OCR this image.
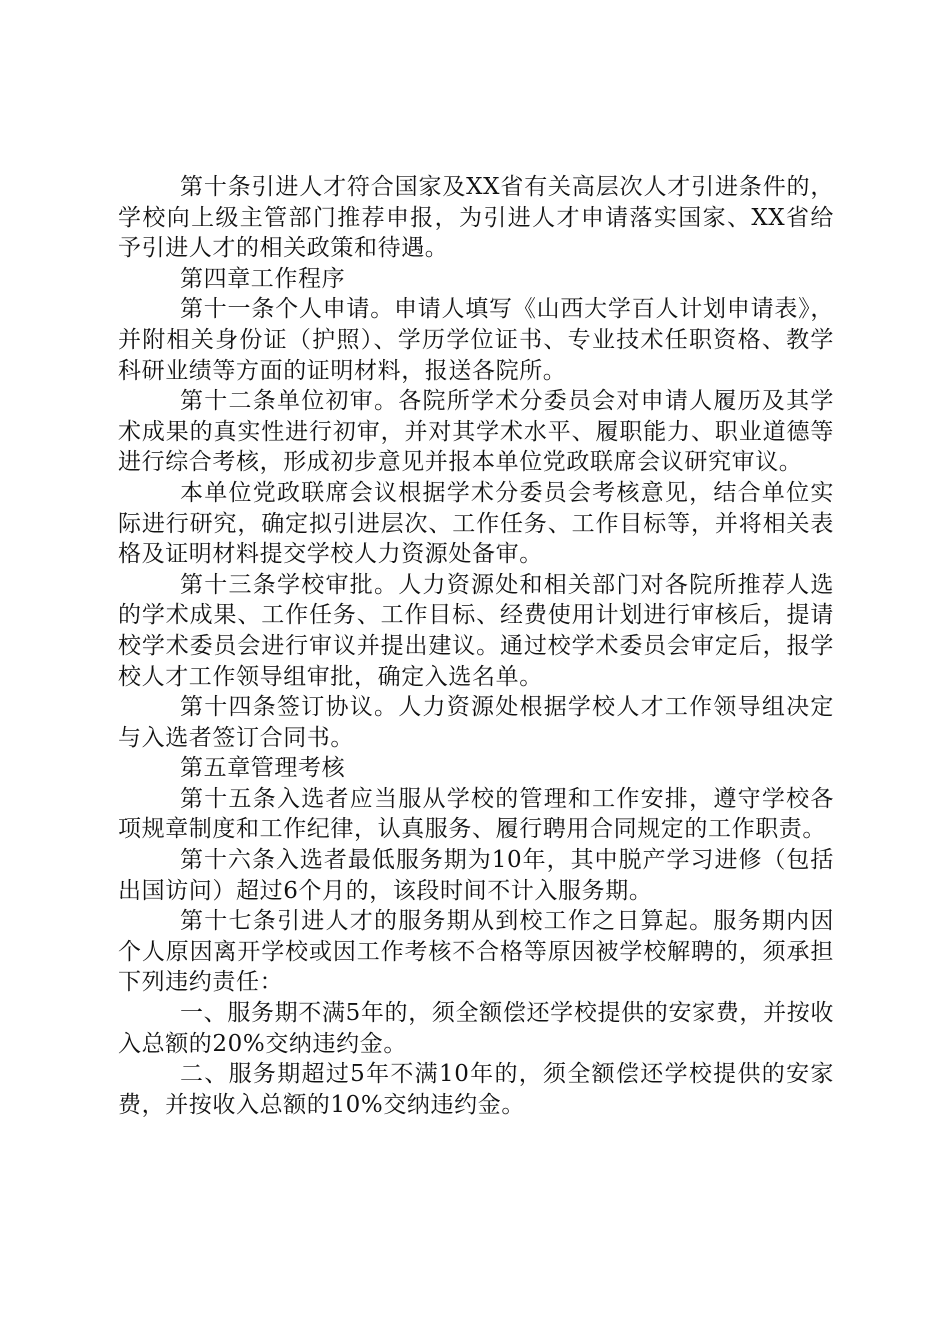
第十条引进人才符合国家及XX省有关高层次人才引进条件的，学校向上级主管部门推荐申报，为引进人才申请落实国家、XX省给予引进人才的相关政策和待遇。

第四章工作程序

第十一条个人申请。申请人填写《山西大学百人计划申请表》，并附相关身份证（护照）、学历学位证书、专业技术任职资格、教学科研业绩等方面的证明材料，报送各院所。

第十二条单位初审。各院所学术分委员会对申请人履历及其学术成果的真实性进行初审，并对其学术水平、履职能力、职业道德等进行综合考核，形成初步意见并报本单位党政联席会议研究审议。

本单位党政联席会议根据学术分委员会考核意见，结合单位实际进行研究，确定拟引进层次、工作任务、工作目标等，并将相关表格及证明材料提交学校人力资源处备审。

第十三条学校审批。人力资源处和相关部门对各院所推荐人选的学术成果、工作任务、工作目标、经费使用计划进行审核后，提请校学术委员会进行审议并提出建议。通过校学术委员会审定后，报学校人才工作领导组审批，确定入选名单。

第十四条签订协议。人力资源处根据学校人才工作领导组决定与入选者签订合同书。

第五章管理考核

第十五条入选者应当服从学校的管理和工作安排，遵守学校各项规章制度和工作纪律，认真服务、履行聘用合同规定的工作职责。

第十六条入选者最低服务期为10年，其中脱产学习进修（包括出国访问）超过6个月的，该段时间不计入服务期。

第十七条引进人才的服务期从到校工作之日算起。服务期内因个人原因离开学校或因工作考核不合格等原因被学校解聘的，须承担下列违约责任：

一、服务期不满5年的，须全额偿还学校提供的安家费，并按收入总额的20%交纳违约金。

二、服务期超过5年不满10年的，须全额偿还学校提供的安家费，并按收入总额的10%交纳违约金。
